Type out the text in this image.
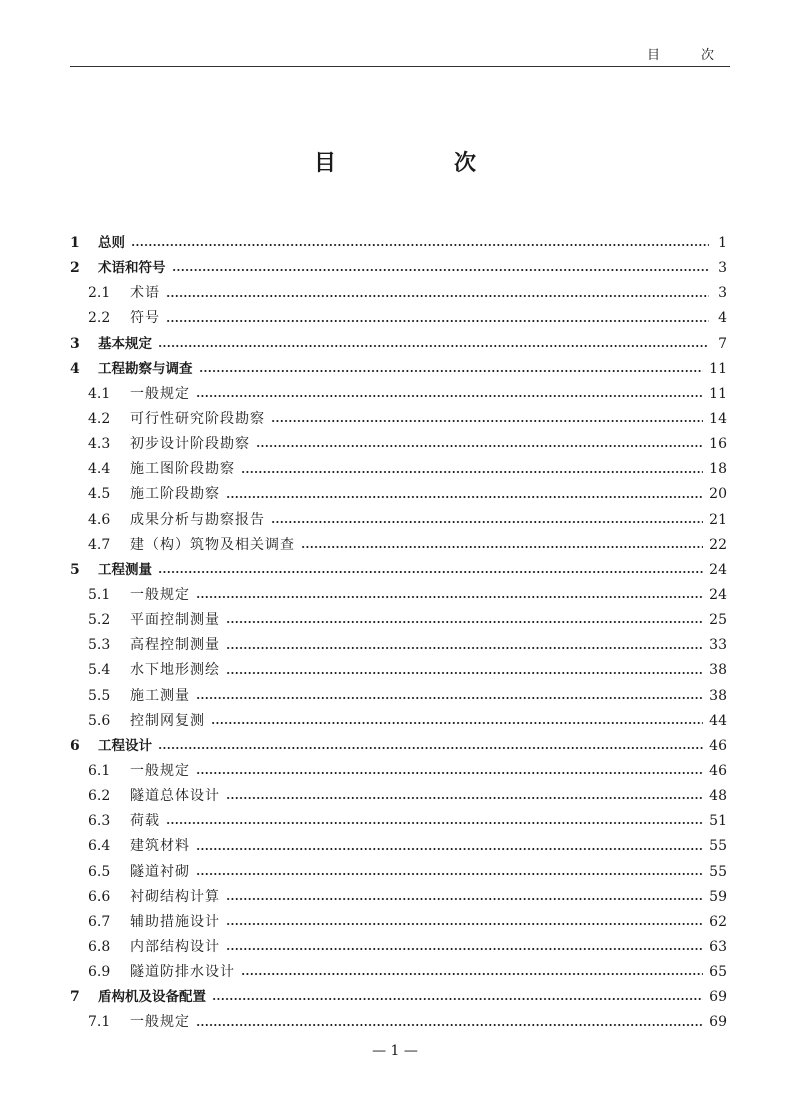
目　次
目　次
1	总则	1
2	术语和符号	3
2.1	术语	3
2.2	符号	4
3	基本规定	7
4	工程勘察与调查	11
4.1	一般规定	11
4.2	可行性研究阶段勘察	14
4.3	初步设计阶段勘察	16
4.4	施工图阶段勘察	18
4.5	施工阶段勘察	20
4.6	成果分析与勘察报告	21
4.7	建（构）筑物及相关调查	22
5	工程测量	24
5.1	一般规定	24
5.2	平面控制测量	25
5.3	高程控制测量	33
5.4	水下地形测绘	38
5.5	施工测量	38
5.6	控制网复测	44
6	工程设计	46
6.1	一般规定	46
6.2	隧道总体设计	48
6.3	荷载	51
6.4	建筑材料	55
6.5	隧道衬砌	55
6.6	衬砌结构计算	59
6.7	辅助措施设计	62
6.8	内部结构设计	63
6.9	隧道防排水设计	65
7	盾构机及设备配置	69
7.1	一般规定	69
— 1 —
